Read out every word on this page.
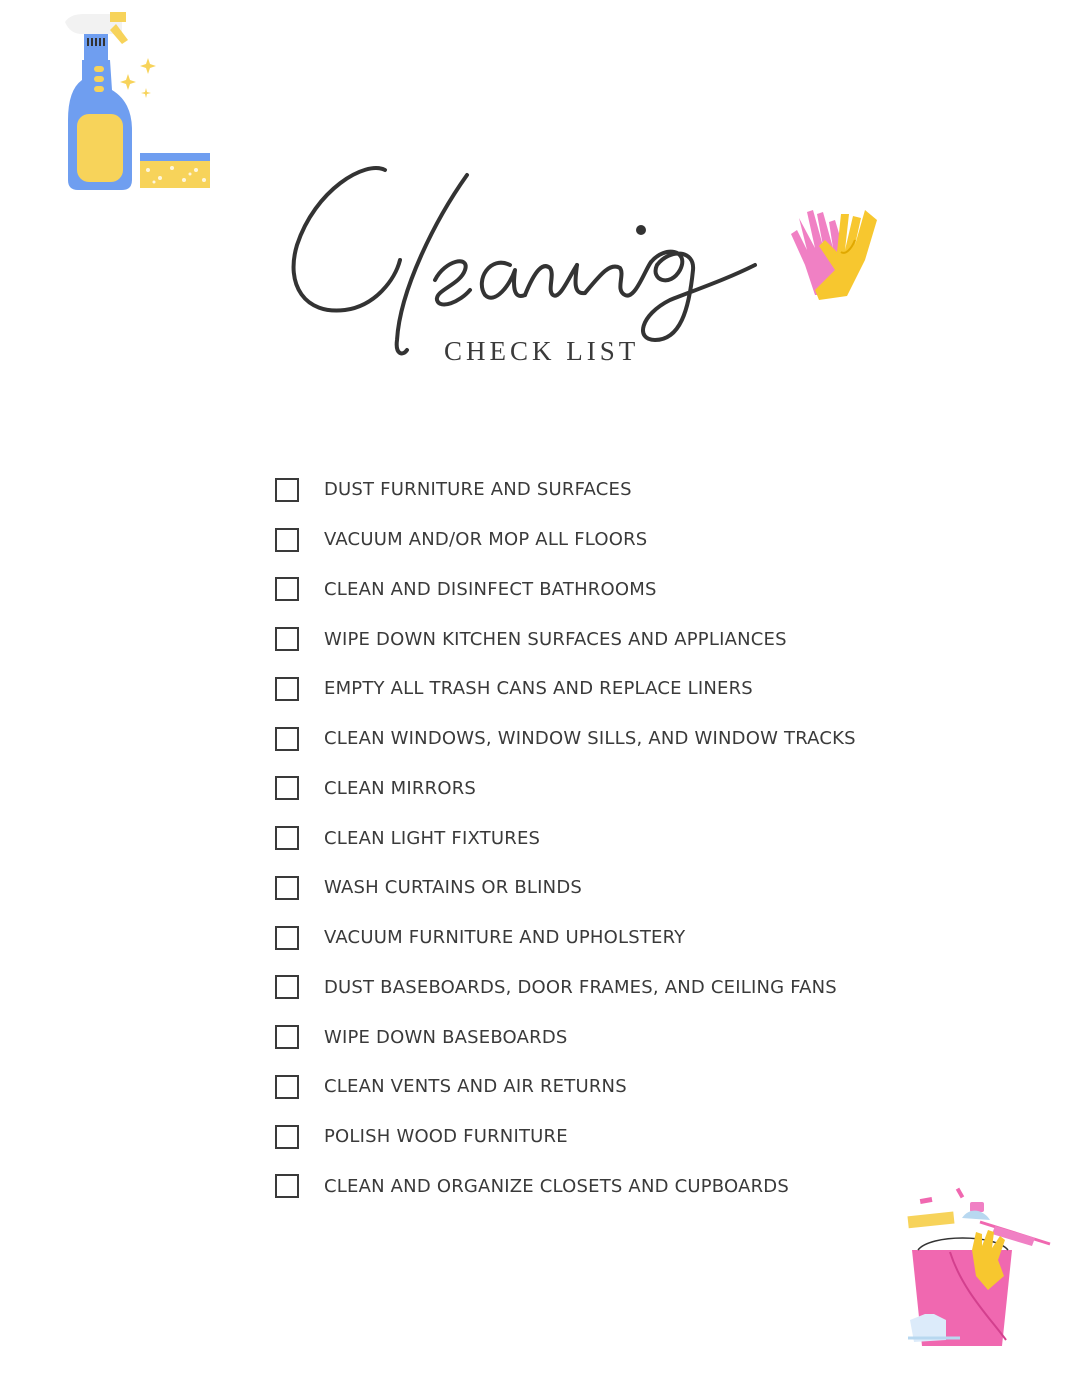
CHECK LIST
DUST FURNITURE AND SURFACES
VACUUM AND/OR MOP ALL FLOORS
CLEAN AND DISINFECT BATHROOMS
WIPE DOWN KITCHEN SURFACES AND APPLIANCES
EMPTY ALL TRASH CANS AND REPLACE LINERS
CLEAN WINDOWS, WINDOW SILLS, AND WINDOW TRACKS
CLEAN MIRRORS
CLEAN LIGHT FIXTURES
WASH CURTAINS OR BLINDS
VACUUM FURNITURE AND UPHOLSTERY
DUST BASEBOARDS, DOOR FRAMES, AND CEILING FANS
WIPE DOWN BASEBOARDS
CLEAN VENTS AND AIR RETURNS
POLISH WOOD FURNITURE
CLEAN AND ORGANIZE CLOSETS AND CUPBOARDS
